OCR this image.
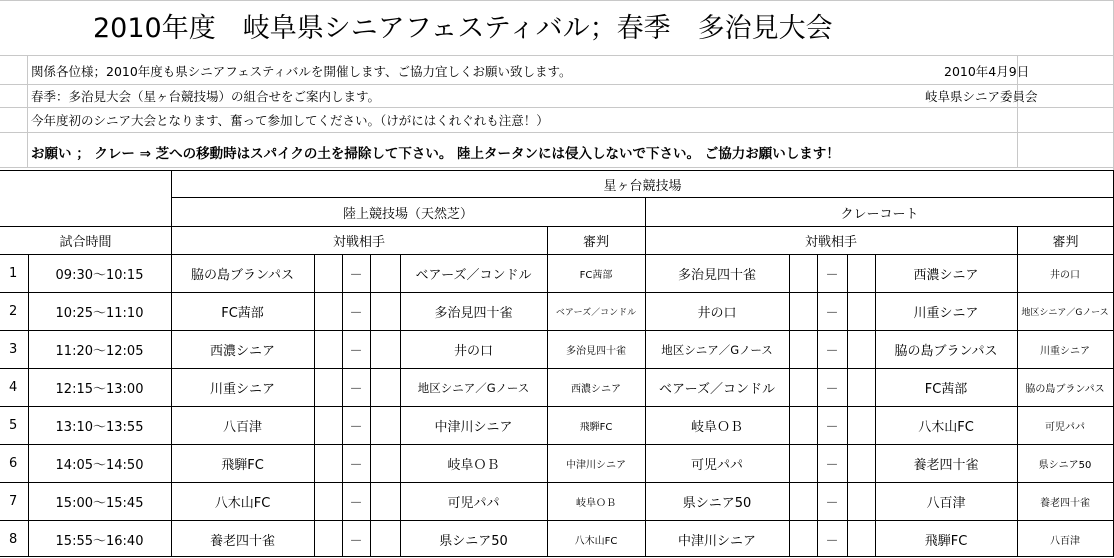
2010年度　岐阜県シニアフェスティバル；春季　多治見大会
関係各位様；2010年度も県シニアフェスティバルを開催します、ご協力宜しくお願い致します。
春季：多治見大会（星ヶ台競技場）の組合せをご案内します。
今年度初のシニア大会となります、奮って参加してください。（けがにはくれぐれも注意！）
2010年4月9日
岐阜県シニア委員会
お願い ； クレー ⇒ 芝への移動時はスパイクの土を掃除して下さい。 陸上タータンには侵入しないで下さい。 ご協力お願いします！
星ヶ台競技場
陸上競技場（天然芝）	クレーコート
試合時間	対戦相手	審判	対戦相手	審判
1	09:30〜10:15	脇の島ブランパス	－	ベアーズ／コンドル	FC茜部	多治見四十雀	－	西濃シニア	井の口
2	10:25〜11:10	FC茜部	－	多治見四十雀	ベアーズ／コンドル	井の口	－	川重シニア	地区シニア／Gノース
3	11:20〜12:05	西濃シニア	－	井の口	多治見四十雀	地区シニア／Gノース	－	脇の島ブランパス	川重シニア
4	12:15〜13:00	川重シニア	－	地区シニア／Gノース	西濃シニア	ベアーズ／コンドル	－	FC茜部	脇の島ブランパス
5	13:10〜13:55	八百津	－	中津川シニア	飛騨FC	岐阜ＯＢ	－	八木山FC	可児パパ
6	14:05〜14:50	飛騨FC	－	岐阜ＯＢ	中津川シニア	可児パパ	－	養老四十雀	県シニア50
7	15:00〜15:45	八木山FC	－	可児パパ	岐阜ＯＢ	県シニア50	－	八百津	養老四十雀
8	15:55〜16:40	養老四十雀	－	県シニア50	八木山FC	中津川シニア	－	飛騨FC	八百津
